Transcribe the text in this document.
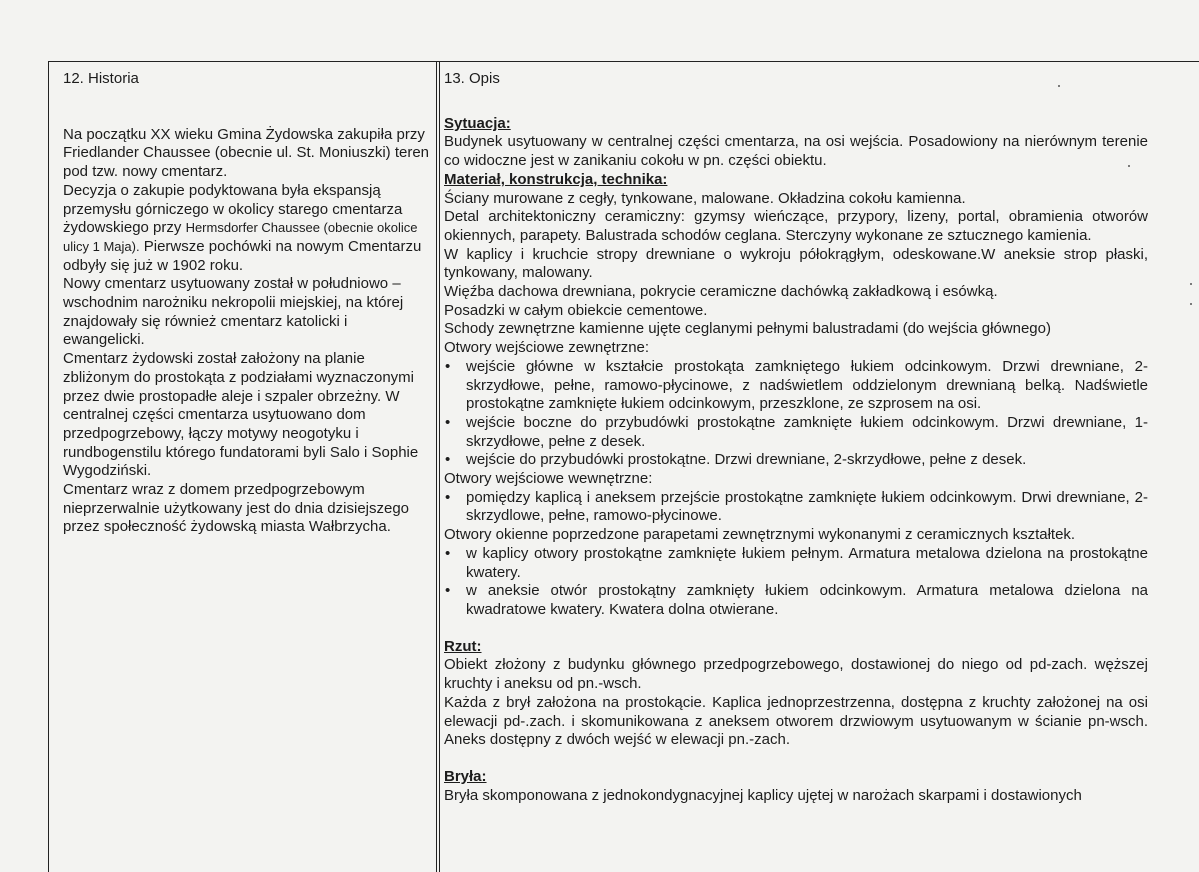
12. Historia

Na początku XX wieku Gmina Żydowska zakupiła przy Friedlander Chaussee (obecnie ul. St. Moniuszki) teren pod tzw. nowy cmentarz.

Decyzja o zakupie podyktowana była ekspansją przemysłu górniczego w okolicy starego cmentarza żydowskiego przy Hermsdorfer Chaussee (obecnie okolice ulicy 1 Maja). Pierwsze pochówki na nowym Cmentarzu odbyły się już w 1902 roku.

Nowy cmentarz usytuowany został w południowo – wschodnim narożniku nekropolii miejskiej, na której znajdowały się również cmentarz katolicki i ewangelicki.

Cmentarz żydowski został założony na planie zbliżonym do prostokąta z podziałami wyznaczonymi przez dwie prostopadłe aleje i szpaler obrzeżny. W centralnej części cmentarza usytuowano dom przedpogrzebowy, łączy motywy neogotyku i rundbogenstilu którego fundatorami byli Salo i Sophie Wygodziński.

Cmentarz wraz z domem przedpogrzebowym nieprzerwalnie użytkowany jest do dnia dzisiejszego przez społeczność żydowską miasta Wałbrzycha.

13. Opis

Sytuacja:

Budynek usytuowany w centralnej części cmentarza, na osi wejścia. Posadowiony na nierównym terenie co widoczne jest w zanikaniu cokołu w pn. części obiektu.

Materiał, konstrukcja, technika:

Ściany murowane z cegły, tynkowane, malowane. Okładzina cokołu kamienna.

Detal architektoniczny ceramiczny: gzymsy wieńczące, przypory, lizeny, portal, obramienia otworów okiennych, parapety. Balustrada schodów ceglana. Sterczyny wykonane ze sztucznego kamienia.

W kaplicy i kruchcie stropy drewniane o wykroju półokrągłym, odeskowane.W aneksie strop płaski, tynkowany, malowany.

Więźba dachowa drewniana, pokrycie ceramiczne dachówką zakładkową i esówką.

Posadzki w całym obiekcie cementowe.

Schody zewnętrzne kamienne ujęte ceglanymi pełnymi balustradami (do wejścia głównego)

Otwory wejściowe zewnętrzne:

• wejście główne w kształcie prostokąta zamkniętego łukiem odcinkowym. Drzwi drewniane, 2-skrzydłowe, pełne, ramowo-płycinowe, z nadświetlem oddzielonym drewnianą belką. Nadświetle prostokątne zamknięte łukiem odcinkowym, przeszklone, ze szprosem na osi.
• wejście boczne do przybudówki prostokątne zamknięte łukiem odcinkowym. Drzwi drewniane, 1-skrzydłowe, pełne z desek.
• wejście do przybudówki prostokątne. Drzwi drewniane, 2-skrzydłowe, pełne z desek.

Otwory wejściowe wewnętrzne:

• pomiędzy kaplicą i aneksem przejście prostokątne zamknięte łukiem odcinkowym. Drwi drewniane, 2-skrzydlowe, pełne, ramowo-płycinowe.

Otwory okienne poprzedzone parapetami zewnętrznymi wykonanymi z ceramicznych kształtek.

• w kaplicy otwory prostokątne zamknięte łukiem pełnym. Armatura metalowa dzielona na prostokątne kwatery.
• w aneksie otwór prostokątny zamknięty łukiem odcinkowym. Armatura metalowa dzielona na kwadratowe kwatery. Kwatera dolna otwierane.

Rzut:

Obiekt złożony z budynku głównego przedpogrzebowego, dostawionej do niego od pd-zach. węższej kruchty i aneksu od pn.-wsch.

Każda z brył założona na prostokącie. Kaplica jednoprzestrzenna, dostępna z kruchty założonej na osi elewacji pd-.zach. i skomunikowana z aneksem otworem drzwiowym usytuowanym w ścianie pn-wsch. Aneks dostępny z dwóch wejść w elewacji pn.-zach.

Bryła:

Bryła skomponowana z jednokondygnacyjnej kaplicy ujętej w narożach skarpami i dostawionych
